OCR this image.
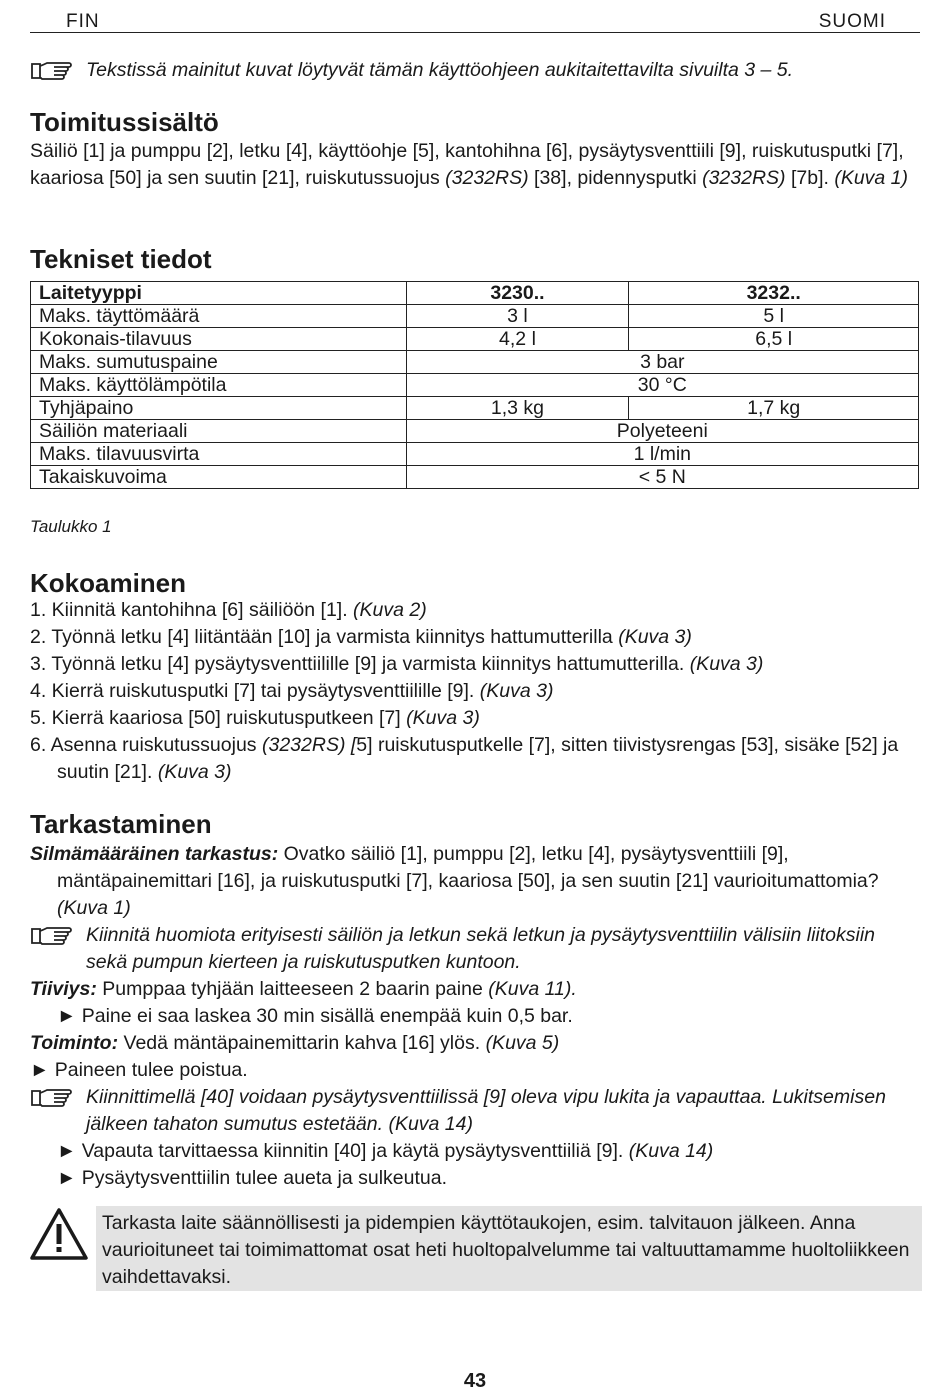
FIN	SUOMI
Tekstissä mainitut kuvat löytyvät tämän käyttöohjeen aukitaitettavilta sivuilta 3 – 5.
Toimitussisältö
Säiliö [1] ja pumppu [2], letku [4], käyttöohje [5], kantohihna [6], pysäytysventtiili [9], ruiskutusputki [7], kaariosa [50] ja sen suutin [21], ruiskutussuojus (3232RS) [38], pidennysputki (3232RS) [7b]. (Kuva 1)
Tekniset tiedot
Laitetyyppi	3230..	3232..
Maks. täyttömäärä	3 l	5 l
Kokonais-tilavuus	4,2 l	6,5 l
Maks. sumutuspaine	3 bar	
Maks. käyttölämpötila	30 °C	
Tyhjäpaino	1,3 kg	1,7 kg
Säiliön materiaali	Polyeteeni	
Maks. tilavuusvirta	1 l/min	
Takaiskuvoima	< 5 N	
Taulukko 1
Kokoaminen
1. Kiinnitä kantohihna [6] säiliöön [1]. (Kuva 2)
2. Työnnä letku [4] liitäntään [10] ja varmista kiinnitys hattumutterilla (Kuva 3)
3. Työnnä letku [4] pysäytysventtiilille [9] ja varmista kiinnitys hattumutterilla. (Kuva 3)
4. Kierrä ruiskutusputki [7] tai pysäytysventtiilille [9]. (Kuva 3)
5. Kierrä kaariosa [50] ruiskutusputkeen [7] (Kuva 3)
6. Asenna ruiskutussuojus (3232RS) [5] ruiskutusputkelle [7], sitten tiivistysrengas [53], sisäke [52] ja suutin [21]. (Kuva 3)
Tarkastaminen
Silmämääräinen tarkastus: Ovatko säiliö [1], pumppu [2], letku [4], pysäytysventtiili [9], mäntäpainemittari [16], ja ruiskutusputki [7], kaariosa [50], ja sen suutin [21] vaurioitumattomia? (Kuva 1)
Kiinnitä huomiota erityisesti säiliön ja letkun sekä letkun ja pysäytysventtiilin välisiin liitoksiin sekä pumpun kierteen ja ruiskutusputken kuntoon.
Tiiviys: Pumppaa tyhjään laitteeseen 2 baarin paine (Kuva 11).
► Paine ei saa laskea 30 min sisällä enempää kuin 0,5 bar.
Toiminto: Vedä mäntäpainemittarin kahva [16] ylös. (Kuva 5)
► Paineen tulee poistua.
Kiinnittimellä [40] voidaan pysäytysventtiilissä [9] oleva vipu lukita ja vapauttaa. Lukitsemisen jälkeen tahaton sumutus estetään. (Kuva 14)
► Vapauta tarvittaessa kiinnitin [40] ja käytä pysäytysventtiiliä [9]. (Kuva 14)
► Pysäytysventtiilin tulee aueta ja sulkeutua.
Tarkasta laite säännöllisesti ja pidempien käyttötaukojen, esim. talvitauon jälkeen. Anna vaurioituneet tai toimimattomat osat heti huoltopalvelumme tai valtuuttamamme huoltoliikkeen vaihdettavaksi.
43
